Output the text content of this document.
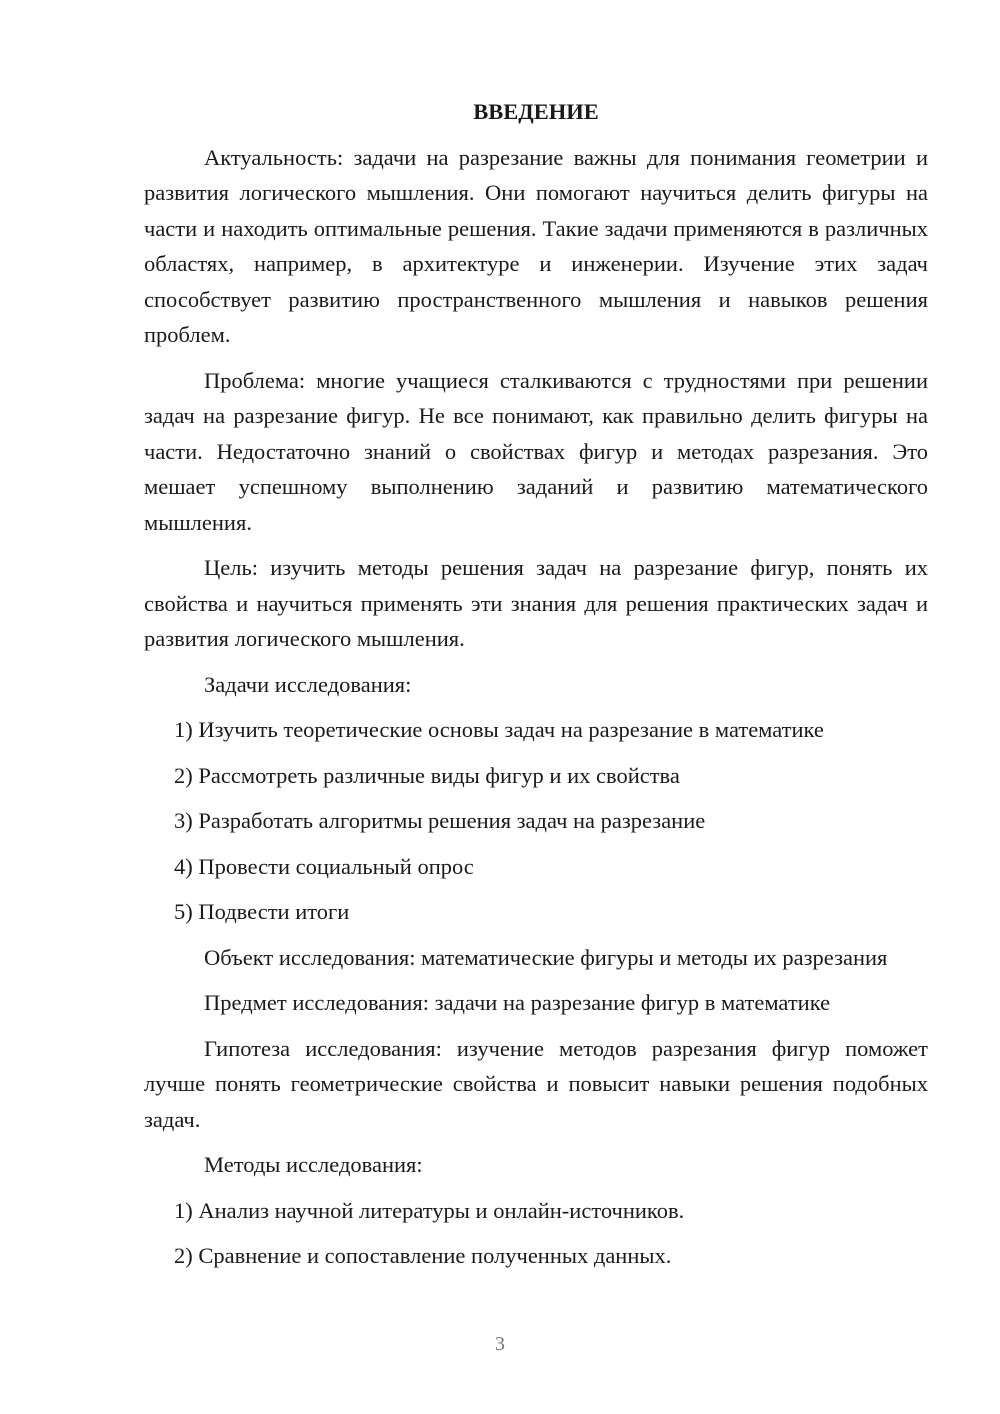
ВВЕДЕНИЕ
Актуальность: задачи на разрезание важны для понимания геометрии и развития логического мышления. Они помогают научиться делить фигуры на части и находить оптимальные решения. Такие задачи применяются в различных областях, например, в архитектуре и инженерии. Изучение этих задач способствует развитию пространственного мышления и навыков решения проблем.
Проблема: многие учащиеся сталкиваются с трудностями при решении задач на разрезание фигур. Не все понимают, как правильно делить фигуры на части. Недостаточно знаний о свойствах фигур и методах разрезания. Это мешает успешному выполнению заданий и развитию математического мышления.
Цель: изучить методы решения задач на разрезание фигур, понять их свойства и научиться применять эти знания для решения практических задач и развития логического мышления.
Задачи исследования:
1) Изучить теоретические основы задач на разрезание в математике
2) Рассмотреть различные виды фигур и их свойства
3) Разработать алгоритмы решения задач на разрезание
4) Провести социальный опрос
5) Подвести итоги
Объект исследования: математические фигуры и методы их разрезания
Предмет исследования: задачи на разрезание фигур в математике
Гипотеза исследования: изучение методов разрезания фигур поможет лучше понять геометрические свойства и повысит навыки решения подобных задач.
Методы исследования:
1) Анализ научной литературы и онлайн-источников.
2) Сравнение и сопоставление полученных данных.
3
